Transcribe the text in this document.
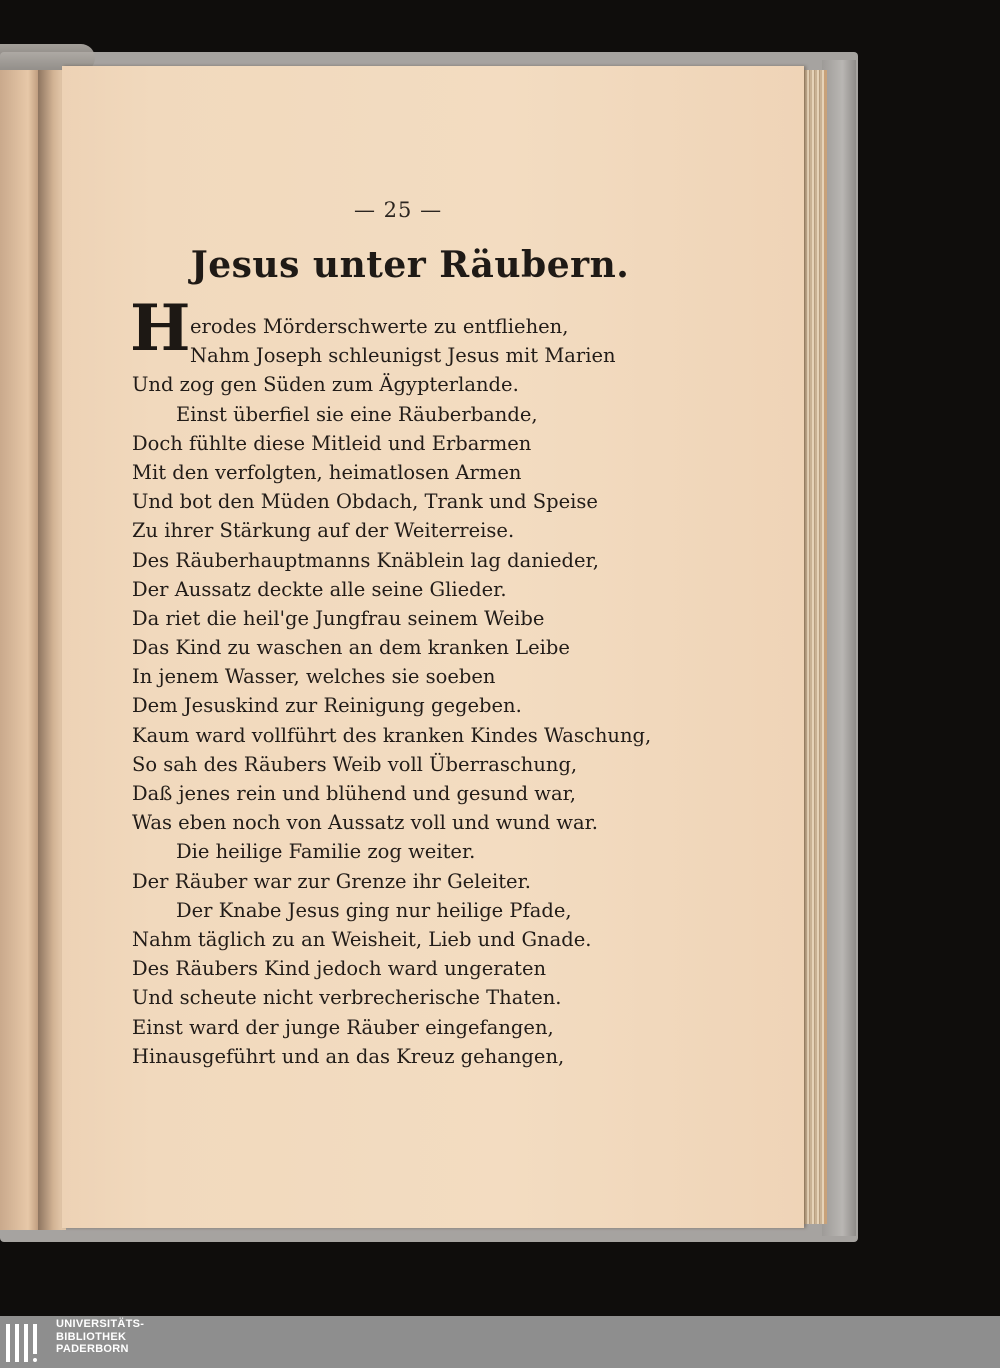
— 25 —
Jesus unter Räubern.
H erodes Mörderschwerte zu entfliehen,
Nahm Joseph schleunigst Jesus mit Marien
Und zog gen Süden zum Ägypterlande.
Einst überfiel sie eine Räuberbande,
Doch fühlte diese Mitleid und Erbarmen
Mit den verfolgten, heimatlosen Armen
Und bot den Müden Obdach, Trank und Speise
Zu ihrer Stärkung auf der Weiterreise.
Des Räuberhauptmanns Knäblein lag danieder,
Der Aussatz deckte alle seine Glieder.
Da riet die heil'ge Jungfrau seinem Weibe
Das Kind zu waschen an dem kranken Leibe
In jenem Wasser, welches sie soeben
Dem Jesuskind zur Reinigung gegeben.
Kaum ward vollführt des kranken Kindes Waschung,
So sah des Räubers Weib voll Überraschung,
Daß jenes rein und blühend und gesund war,
Was eben noch von Aussatz voll und wund war.
Die heilige Familie zog weiter.
Der Räuber war zur Grenze ihr Geleiter.
Der Knabe Jesus ging nur heilige Pfade,
Nahm täglich zu an Weisheit, Lieb und Gnade.
Des Räubers Kind jedoch ward ungeraten
Und scheute nicht verbrecherische Thaten.
Einst ward der junge Räuber eingefangen,
Hinausgeführt und an das Kreuz gehangen,
UNIVERSITÄTS-
BIBLIOTHEK
PADERBORN
